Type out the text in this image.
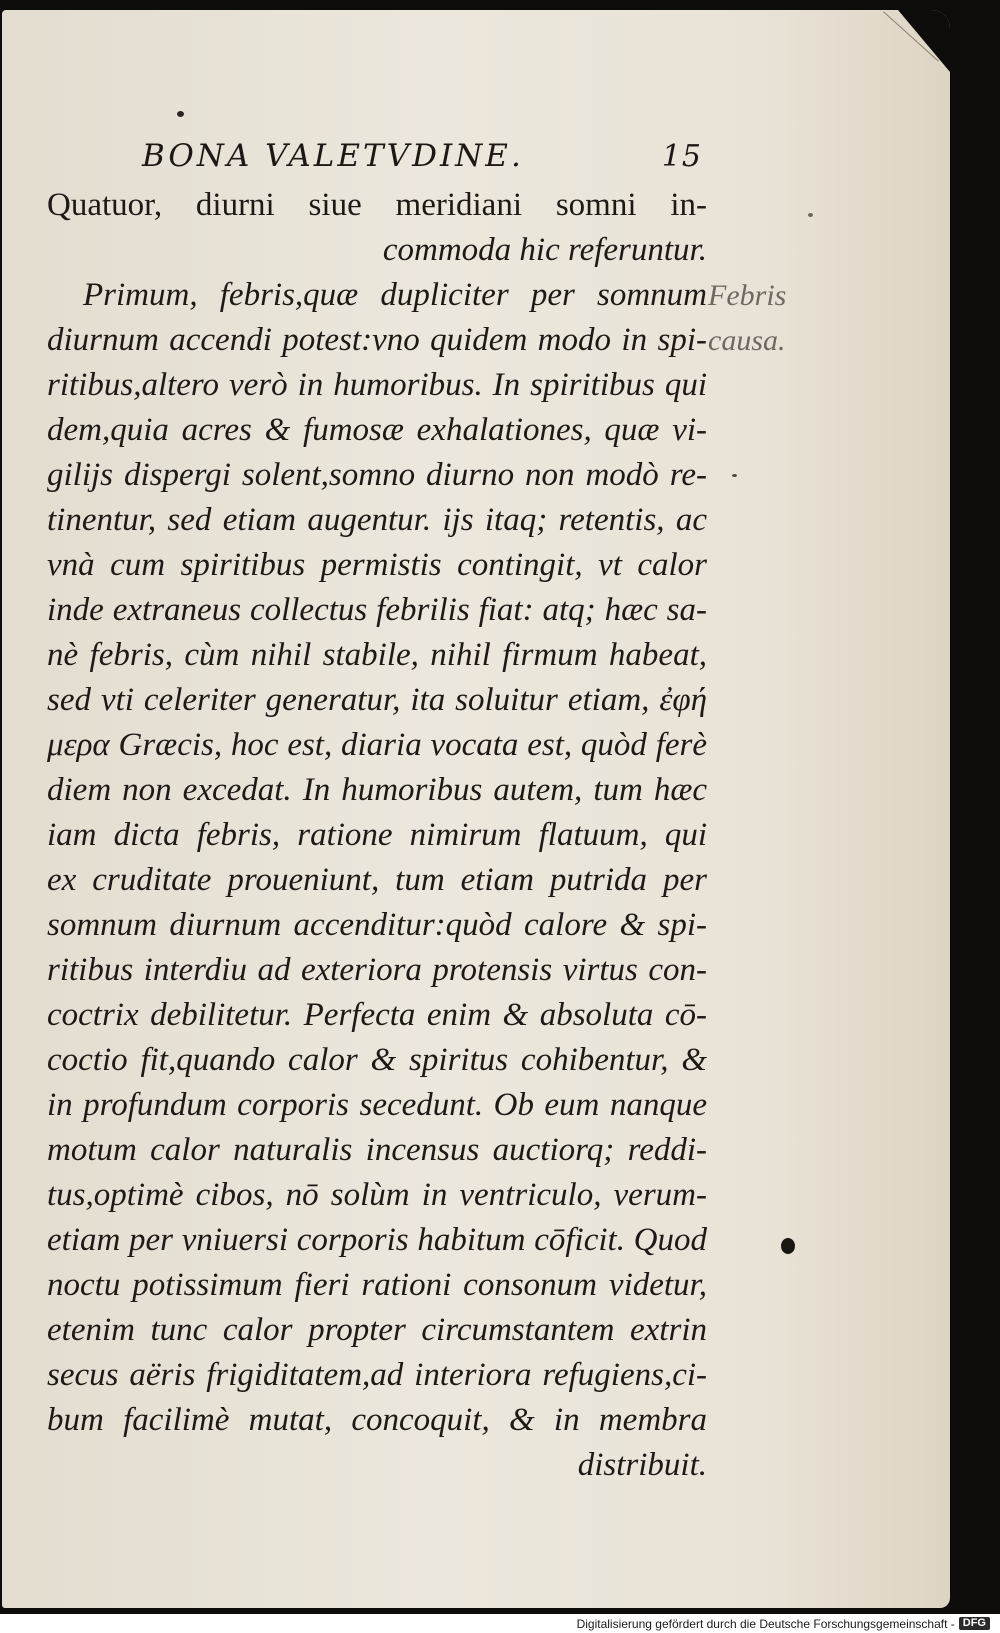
BONA VALETVDINE.	15
Quatuor, diurni siue meridiani somni in-
commoda hic referuntur.
Primum, febris,quæ dupliciter per somnum
diurnum accendi potest:vno quidem modo in spi-
ritibus,altero verò in humoribus. In spiritibus qui
dem,quia acres & fumosæ exhalationes, quæ vi-
gilijs dispergi solent,somno diurno non modò re-
tinentur, sed etiam augentur. ijs itaq; retentis, ac
vnà cum spiritibus permistis contingit, vt calor
inde extraneus collectus febrilis fiat: atq; hæc sa-
nè febris, cùm nihil stabile, nihil firmum habeat,
sed vti celeriter generatur, ita soluitur etiam, ἐφή
μερα Græcis, hoc est, diaria vocata est, quòd ferè
diem non excedat. In humoribus autem, tum hæc
iam dicta febris, ratione nimirum flatuum, qui
ex cruditate proueniunt, tum etiam putrida per
somnum diurnum accenditur:quòd calore & spi-
ritibus interdiu ad exteriora protensis virtus con-
coctrix debilitetur. Perfecta enim & absoluta cō-
coctio fit,quando calor & spiritus cohibentur, &
in profundum corporis secedunt. Ob eum nanque
motum calor naturalis incensus auctiorq; reddi-
tus,optimè cibos, nō solùm in ventriculo, verum-
etiam per vniuersi corporis habitum cōficit. Quod
noctu potissimum fieri rationi consonum videtur,
etenim tunc calor propter circumstantem extrin
secus aëris frigiditatem,ad interiora refugiens,ci-
bum facilimè mutat, concoquit, & in membra
distribuit.
Febris
causa.
Digitalisierung gefördert durch die Deutsche Forschungsgemeinschaft - DFG
